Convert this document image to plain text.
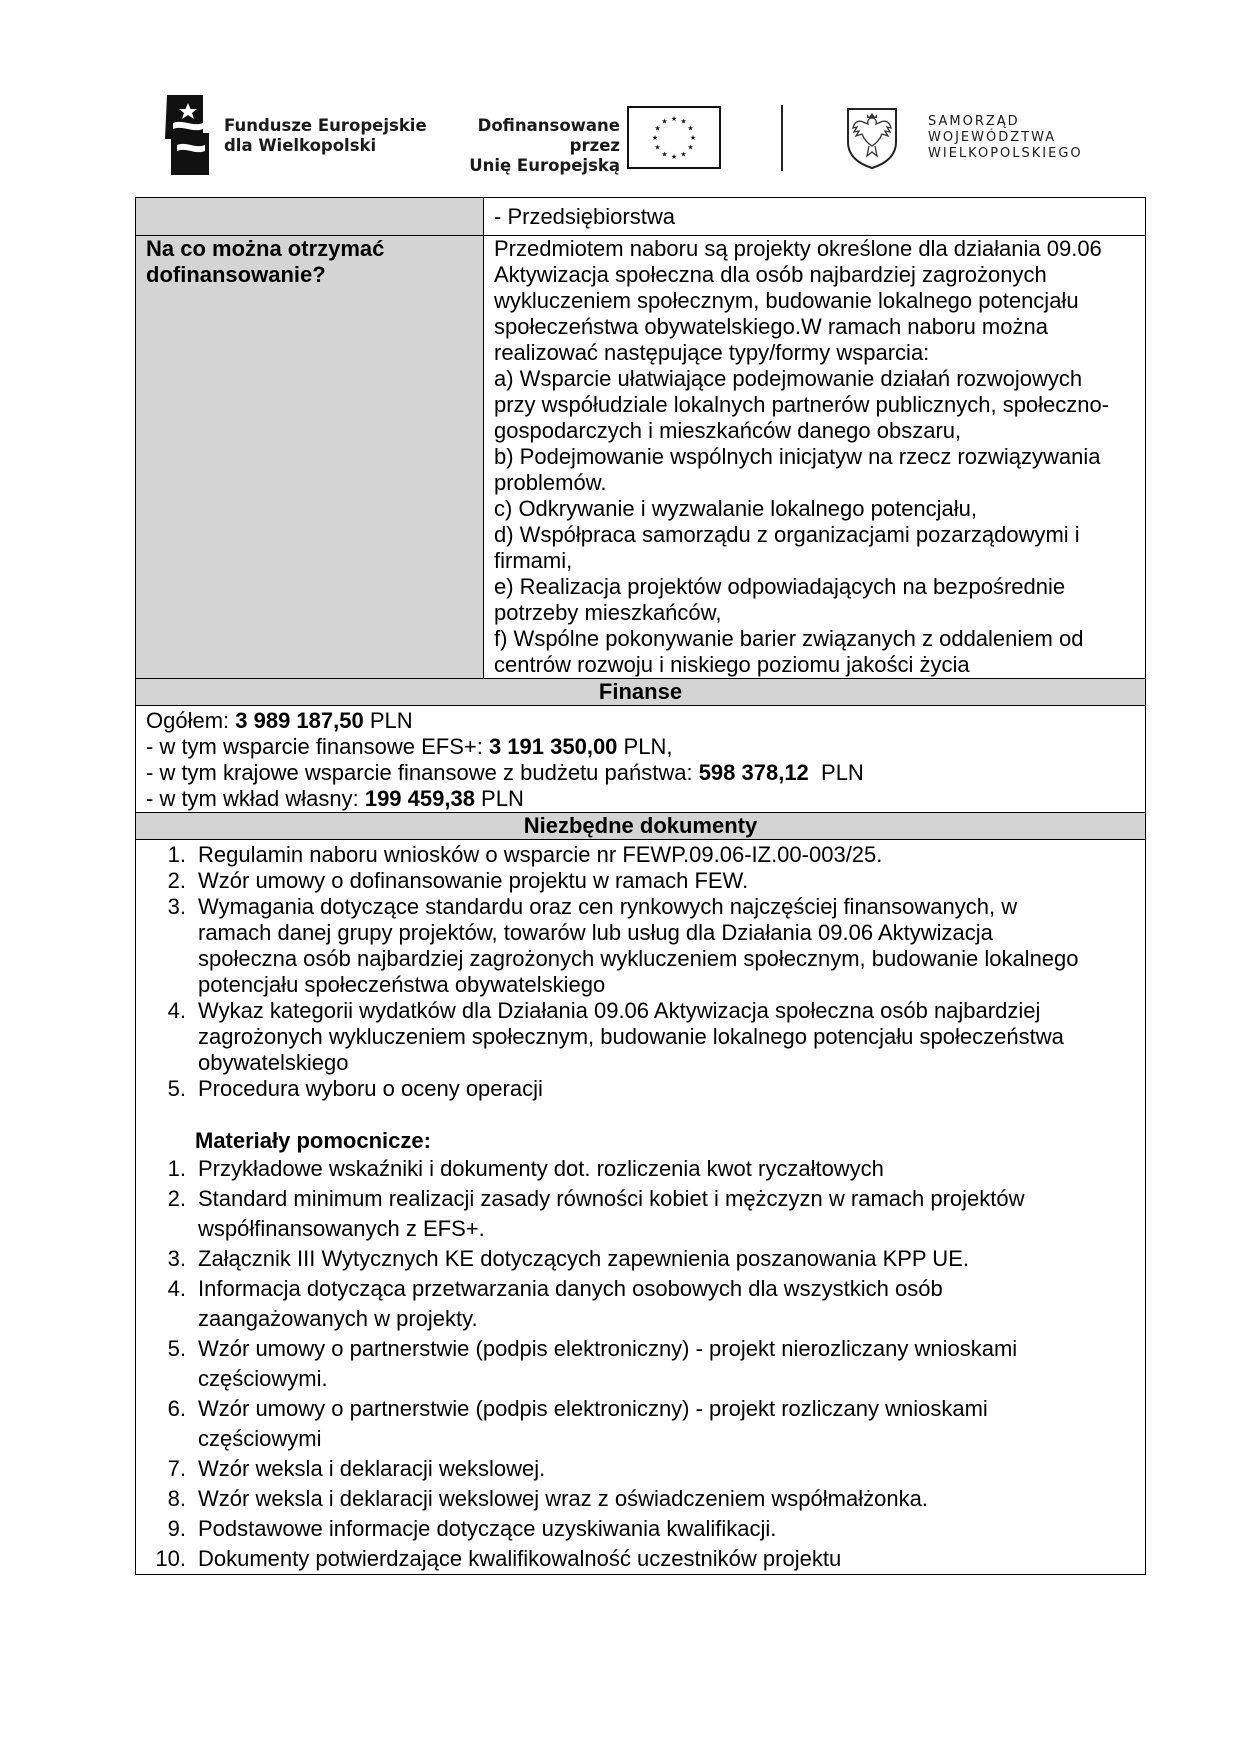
Fundusze Europejskie
dla Wielkopolski
Dofinansowane przez
Unię Europejską
★ ★
★
★
★
★
★
★
★
★
★
★	SAMORZĄD
WOJEWÓDZTWA
WIELKOPOLSKIEGO
- Przedsiębiorstwa
Na co można otrzymać
dofinansowanie?
Przedmiotem naboru są projekty określone dla działania 09.06
Aktywizacja społeczna dla osób najbardziej zagrożonych
wykluczeniem społecznym, budowanie lokalnego potencjału
społeczeństwa obywatelskiego.W ramach naboru można
realizować następujące typy/formy wsparcia:
a) Wsparcie ułatwiające podejmowanie działań rozwojowych
przy współudziale lokalnych partnerów publicznych, społeczno-
gospodarczych i mieszkańców danego obszaru,
b) Podejmowanie wspólnych inicjatyw na rzecz rozwiązywania
problemów.
c) Odkrywanie i wyzwalanie lokalnego potencjału,
d) Współpraca samorządu z organizacjami pozarządowymi i
firmami,
e) Realizacja projektów odpowiadających na bezpośrednie
potrzeby mieszkańców,
f) Wspólne pokonywanie barier związanych z oddaleniem od
centrów rozwoju i niskiego poziomu jakości życia
Finanse
Ogółem: 3 989 187,50 PLN
- w tym wsparcie finansowe EFS+: 3 191 350,00 PLN,
- w tym krajowe wsparcie finansowe z budżetu państwa: 598 378,12  PLN
- w tym wkład własny: 199 459,38 PLN
Niezbędne dokumenty
1. Regulamin naboru wniosków o wsparcie nr FEWP.09.06-IZ.00-003/25.
2. Wzór umowy o dofinansowanie projektu w ramach FEW.
3. Wymagania dotyczące standardu oraz cen rynkowych najczęściej finansowanych, w
ramach danej grupy projektów, towarów lub usług dla Działania 09.06 Aktywizacja
społeczna osób najbardziej zagrożonych wykluczeniem społecznym, budowanie lokalnego
potencjału społeczeństwa obywatelskiego
4. Wykaz kategorii wydatków dla Działania 09.06 Aktywizacja społeczna osób najbardziej
zagrożonych wykluczeniem społecznym, budowanie lokalnego potencjału społeczeństwa
obywatelskiego
5. Procedura wyboru o oceny operacji
Materiały pomocnicze:
1. Przykładowe wskaźniki i dokumenty dot. rozliczenia kwot ryczałtowych
2. Standard minimum realizacji zasady równości kobiet i mężczyzn w ramach projektów
współfinansowanych z EFS+.
3. Załącznik III Wytycznych KE dotyczących zapewnienia poszanowania KPP UE.
4. Informacja dotycząca przetwarzania danych osobowych dla wszystkich osób
zaangażowanych w projekty.
5. Wzór umowy o partnerstwie (podpis elektroniczny) - projekt nierozliczany wnioskami
częściowymi.
6. Wzór umowy o partnerstwie (podpis elektroniczny) - projekt rozliczany wnioskami
częściowymi
7. Wzór weksla i deklaracji wekslowej.
8. Wzór weksla i deklaracji wekslowej wraz z oświadczeniem współmałżonka.
9. Podstawowe informacje dotyczące uzyskiwania kwalifikacji.
10. Dokumenty potwierdzające kwalifikowalność uczestników projektu
